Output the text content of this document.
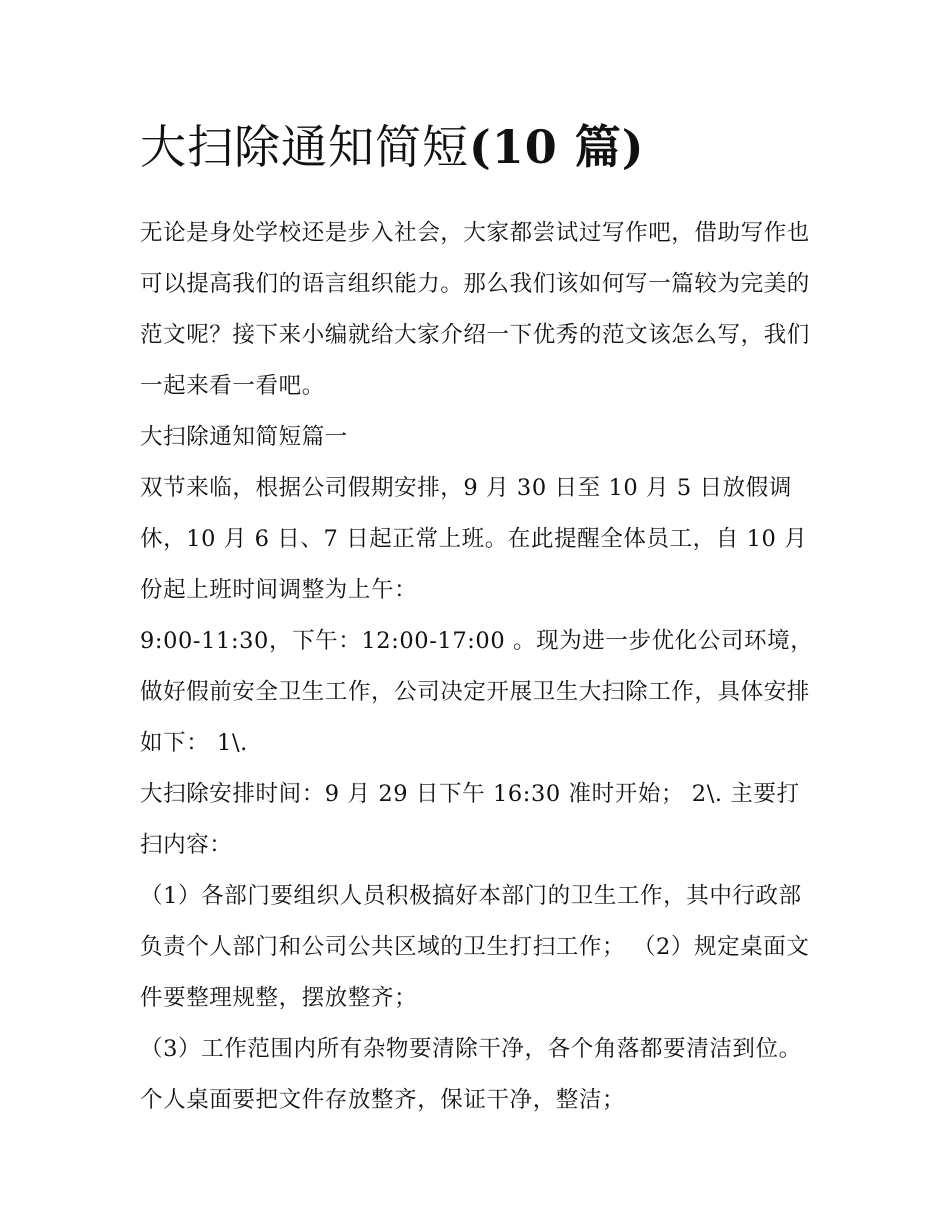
大扫除通知简短(10 篇)

无论是身处学校还是步入社会，大家都尝试过写作吧，借助写作也可以提高我们的语言组织能力。那么我们该如何写一篇较为完美的范文呢？接下来小编就给大家介绍一下优秀的范文该怎么写，我们一起来看一看吧。

大扫除通知简短篇一

双节来临，根据公司假期安排，9 月 30 日至 10 月 5 日放假调休，10 月 6 日、7 日起正常上班。在此提醒全体员工，自 10 月份起上班时间调整为上午：

9:00-11:30，下午：12:00-17:00 。现为进一步优化公司环境，做好假前安全卫生工作，公司决定开展卫生大扫除工作，具体安排如下： 1\.

大扫除安排时间：9 月 29 日下午 16:30 准时开始； 2\. 主要打扫内容：

（1）各部门要组织人员积极搞好本部门的卫生工作，其中行政部负责个人部门和公司公共区域的卫生打扫工作； （2）规定桌面文件要整理规整，摆放整齐；

（3）工作范围内所有杂物要清除干净，各个角落都要清洁到位。个人桌面要把文件存放整齐，保证干净，整洁；
